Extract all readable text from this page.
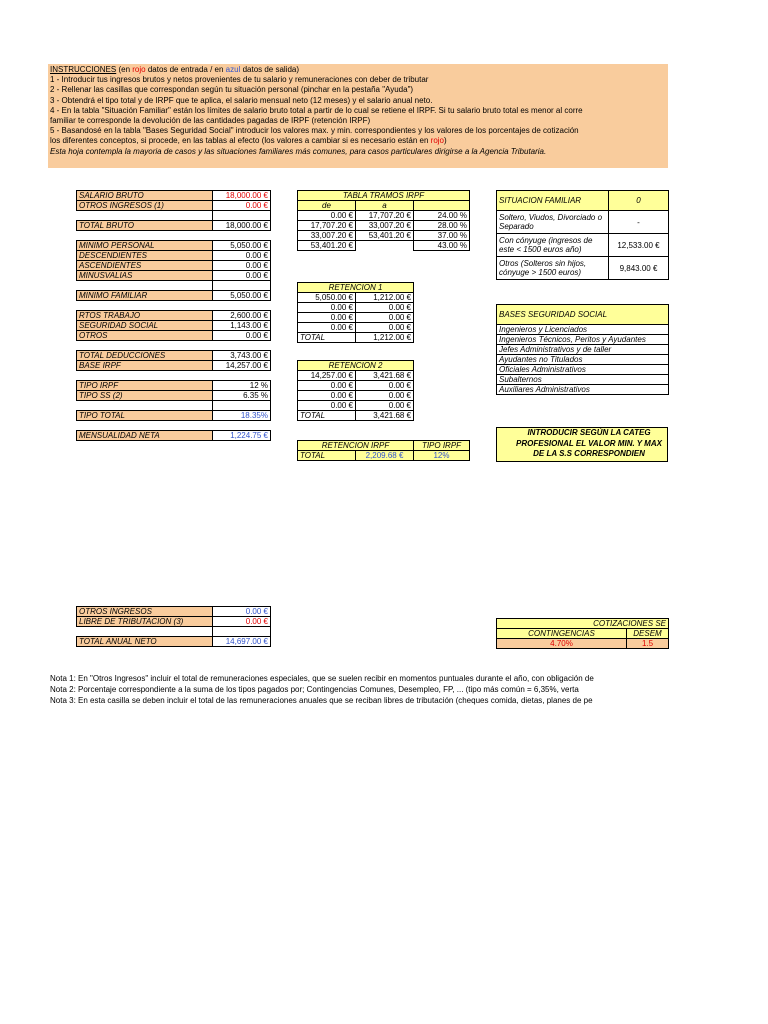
INSTRUCCIONES (en rojo datos de entrada / en azul datos de salida)
1 - Introducir tus ingresos brutos y netos provenientes de tu salario y remuneraciones con deber de tributar
2 - Rellenar las casillas que correspondan según tu situación personal (pinchar en la pestaña "Ayuda")
3 - Obtendrá el tipo total y de IRPF que te aplica, el salario mensual neto (12 meses) y el salario anual neto.
4 - En la tabla "Situación Familiar" están los límites de salario bruto total a partir de lo cual se retiene el IRPF. Si tu salario bruto total es menor al corre
familiar te corresponde la devolución de las cantidades pagadas de IRPF (retención IRPF)
5 - Basandosé en la tabla "Bases Seguridad Social" introducir los valores max. y min. correspondientes y los valores de los porcentajes de cotización
los diferentes conceptos, si procede, en las tablas al efecto (los valores a cambiar si es necesario están en rojo)
Esta hoja contempla la mayoria de casos y las situaciones familiares más comunes, para casos particulares dirigirse a la Agencia Tributaria.
SALARIO BRUTO	18,000.00 €
OTROS INGRESOS (1)	0.00 €

TOTAL BRUTO	18,000.00 €

MINIMO PERSONAL	5,050.00 €
DESCENDIENTES	0.00 €
ASCENDIENTES	0.00 €
MINUSVALIAS	0.00 €

MINIMO FAMILIAR	5,050.00 €

RTOS TRABAJO	2,600.00 €
SEGURIDAD SOCIAL	1,143.00 €
OTROS	0.00 €

TOTAL DEDUCCIONES	3,743.00 €
BASE IRPF	14,257.00 €

TIPO IRPF	12 %
TIPO SS (2)	6.35 %

TIPO TOTAL	18.35%

MENSUALIDAD NETA	1,224.75 €
TABLA TRAMOS IRPF		
de	a	
0.00 €	17,707.20 €	24.00 %
17,707.20 €	33,007.20 €	28.00 %
33,007.20 €	53,401.20 €	37.00 %
53,401.20 €		43.00 %
RETENCION 1	
5,050.00 €	1,212.00 €
0.00 €	0.00 €
0.00 €	0.00 €
0.00 €	0.00 €
TOTAL	1,212.00 €
RETENCION 2	
14,257.00 €	3,421.68 €
0.00 €	0.00 €
0.00 €	0.00 €
0.00 €	0.00 €
TOTAL	3,421.68 €
RETENCION IRPF		TIPO IRPF
TOTAL	2,209.68 €	12%
SITUACION FAMILIAR	0
Soltero, Viudos, Divorciado o Separado	-
Con cónyuge (ingresos de este < 1500 euros año)	12,533.00 €
Otros (Solteros sin hijos, cónyuge > 1500 euros)	9,843.00 €
BASES SEGURIDAD SOCIAL
Ingenieros y Licenciados
Ingenieros Técnicos, Peritos y Ayudantes
Jefes Administrativos y de taller
Ayudantes no Titulados
Oficiales Administrativos
Subalternos
Auxiliares Administrativos
INTRODUCIR SEGÚN LA CATEG
PROFESIONAL EL VALOR MIN. Y MAX
DE LA S.S CORRESPONDIEN
OTROS INGRESOS	0.00 €
LIBRE DE TRIBUTACION (3)	0.00 €

TOTAL ANUAL NETO	14,697.00 €
COTIZACIONES SE	
CONTINGENCIAS	DESEM
4.70%	1.5
Nota 1: En "Otros Ingresos" incluir el total de remuneraciones especiales, que se suelen recibir en momentos puntuales durante el año, con obligación de
Nota 2: Porcentaje correspondiente a la suma de los tipos pagados por; Contingencias Comunes, Desempleo, FP, ... (tipo más común = 6,35%, verta
Nota 3: En esta casilla se deben incluir el total de las remuneraciones anuales que se reciban libres de tributación (cheques comida, dietas, planes de pe
